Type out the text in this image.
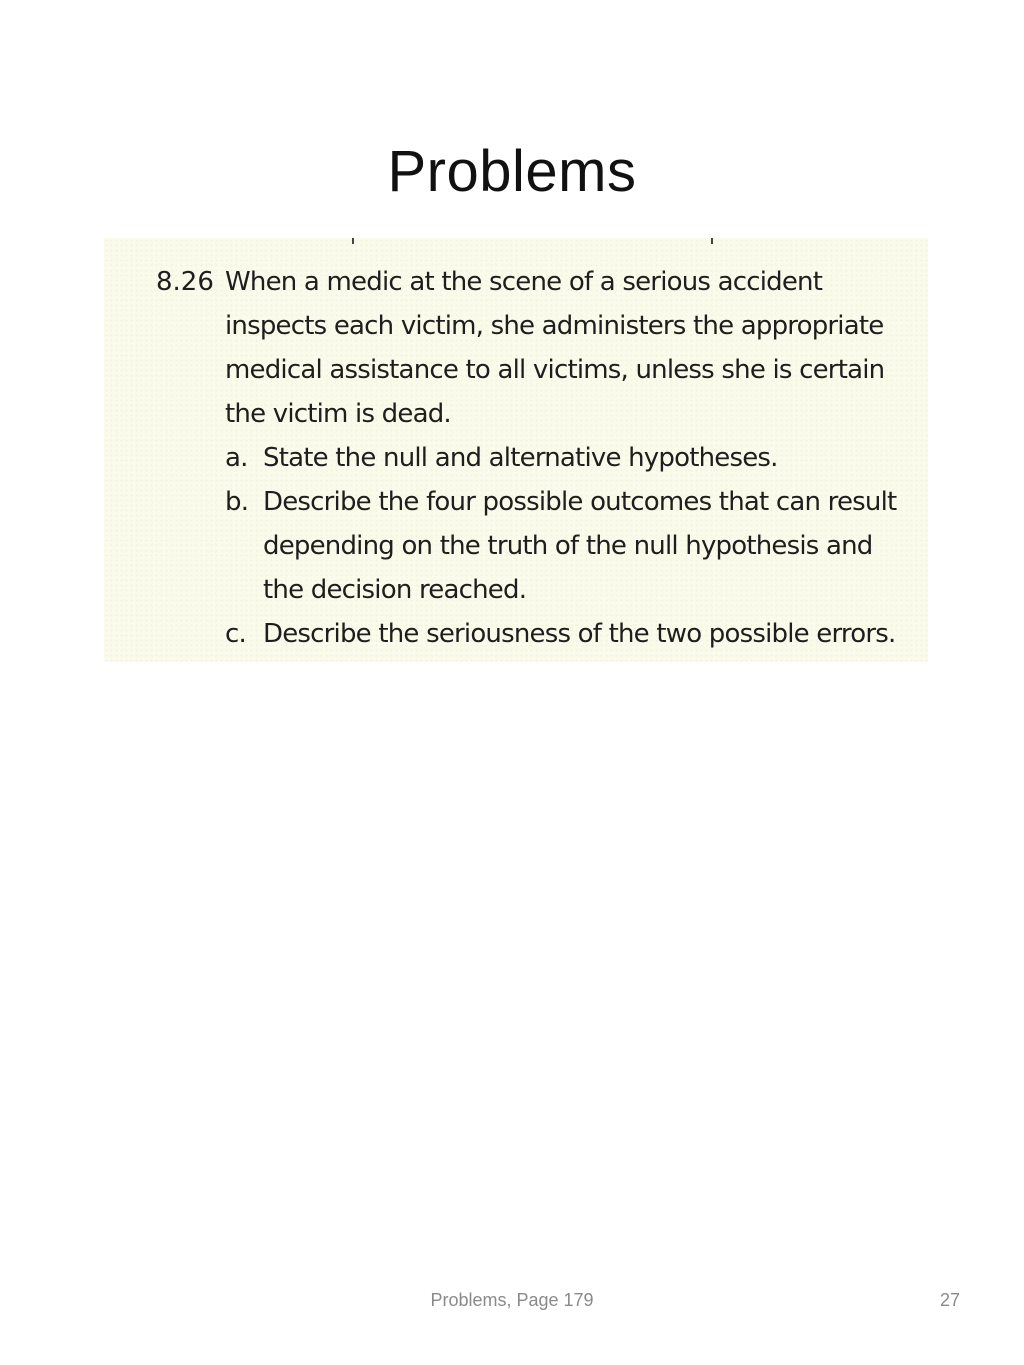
Problems
8.26 When a medic at the scene of a serious accident
inspects each victim, she administers the appropriate
medical assistance to all victims, unless she is certain
the victim is dead.
a. State the null and alternative hypotheses.
b. Describe the four possible outcomes that can result
depending on the truth of the null hypothesis and
the decision reached.
c. Describe the seriousness of the two possible errors.
Problems, Page 179	27
